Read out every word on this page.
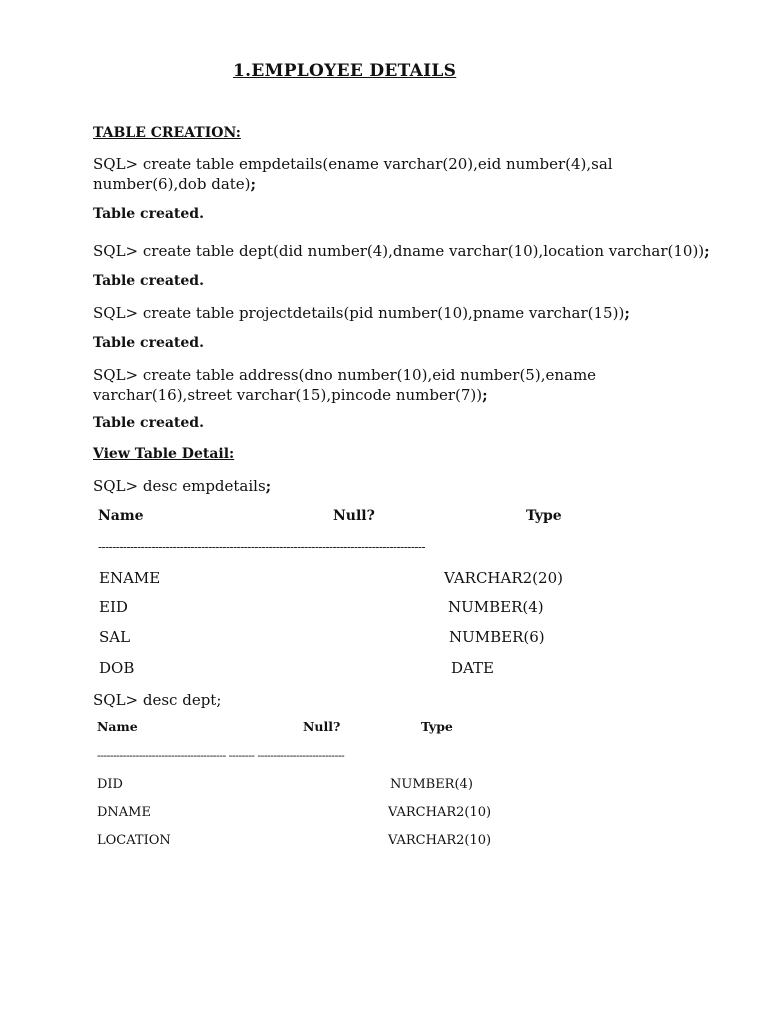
1.EMPLOYEE DETAILS
TABLE CREATION:
SQL> create table empdetails(ename varchar(20),eid number(4),sal
number(6),dob date);
Table created.
SQL> create table dept(did number(4),dname varchar(10),location varchar(10));
Table created.
SQL> create table projectdetails(pid number(10),pname varchar(15));
Table created.
SQL> create table address(dno number(10),eid number(5),ename
varchar(16),street varchar(15),pincode number(7));
Table created.
View Table Detail:
SQL> desc empdetails;
Name	Null?	Type
--------------------------------------------------------------------------------------------
ENAME	VARCHAR2(20)
EID	NUMBER(4)
SAL	NUMBER(6)
DOB	DATE
SQL> desc dept;
Name	Null?	Type
---------------------------------------- -------- ---------------------------
DID	NUMBER(4)
DNAME	VARCHAR2(10)
LOCATION	VARCHAR2(10)
